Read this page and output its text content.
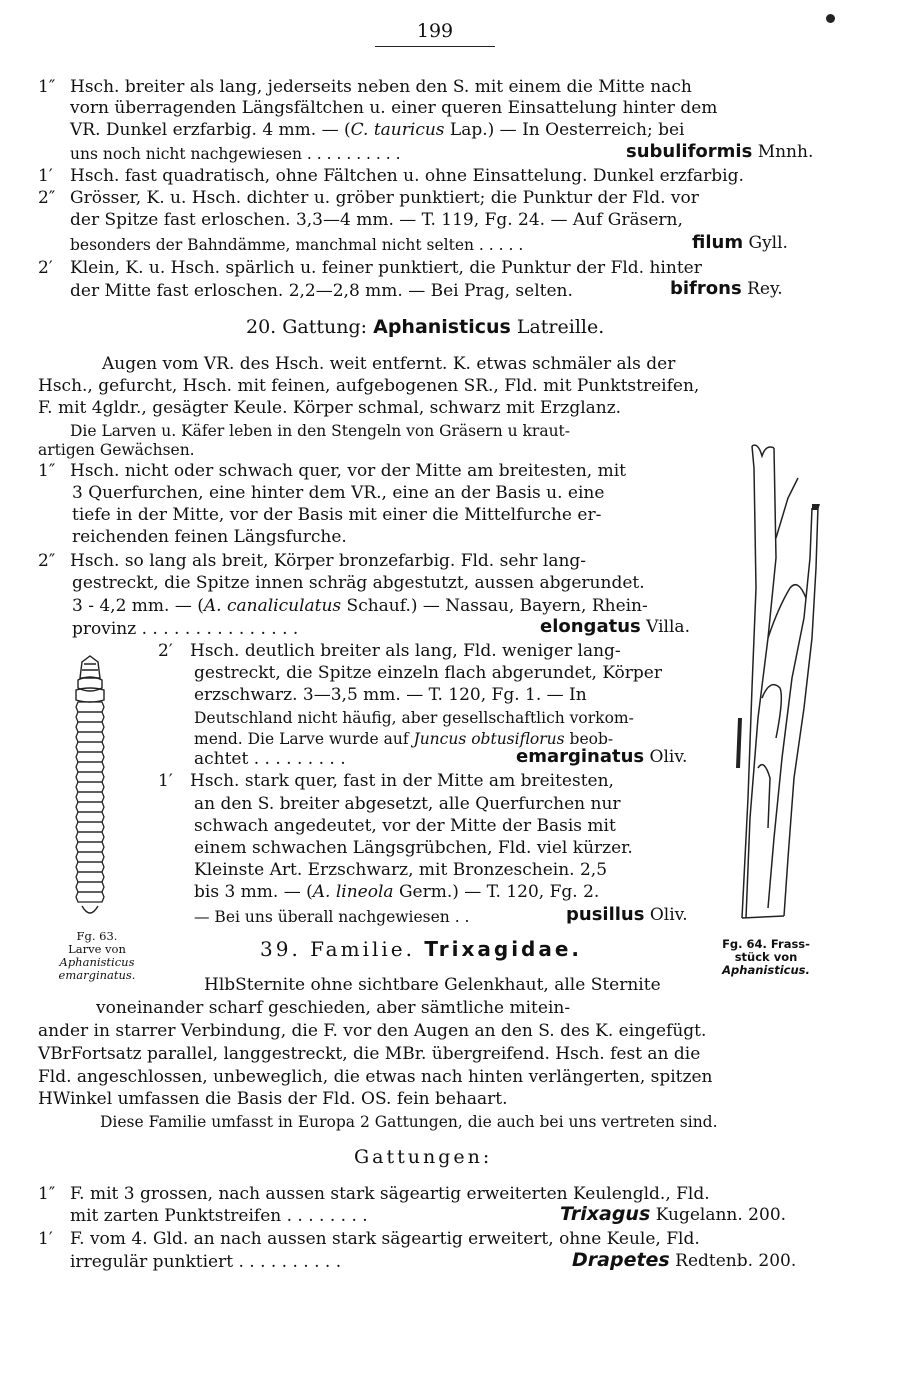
199
1″ Hsch. breiter als lang, jederseits neben den S. mit einem die Mitte nach
vorn überragenden Längsfältchen u. einer queren Einsattelung hinter dem
VR. Dunkel erzfarbig. 4 mm. — (C. tauricus Lap.) — In Oesterreich; bei
uns noch nicht nachgewiesen . . . . . . . . . .	subuliformis Mnnh.
1′ Hsch. fast quadratisch, ohne Fältchen u. ohne Einsattelung. Dunkel erzfarbig.
2″ Grösser, K. u. Hsch. dichter u. gröber punktiert; die Punktur der Fld. vor
der Spitze fast erloschen. 3,3—4 mm. — T. 119, Fg. 24. — Auf Gräsern,
besonders der Bahndämme, manchmal nicht selten . . . . .	filum Gyll.
2′ Klein, K. u. Hsch. spärlich u. feiner punktiert, die Punktur der Fld. hinter
der Mitte fast erloschen. 2,2—2,8 mm. — Bei Prag, selten.	bifrons Rey.
20. Gattung: Aphanisticus Latreille.
Augen vom VR. des Hsch. weit entfernt. K. etwas schmäler als der
Hsch., gefurcht, Hsch. mit feinen, aufgebogenen SR., Fld. mit Punktstreifen,
F. mit 4gldr., gesägter Keule. Körper schmal, schwarz mit Erzglanz.
Die Larven u. Käfer leben in den Stengeln von Gräsern u kraut-
artigen Gewächsen.
1″ Hsch. nicht oder schwach quer, vor der Mitte am breitesten, mit
3 Querfurchen, eine hinter dem VR., eine an der Basis u. eine
tiefe in der Mitte, vor der Basis mit einer die Mittelfurche er-
reichenden feinen Längsfurche.
2″ Hsch. so lang als breit, Körper bronzefarbig. Fld. sehr lang-
gestreckt, die Spitze innen schräg abgestutzt, aussen abgerundet.
3 - 4,2 mm. — (A. canaliculatus Schauf.) — Nassau, Bayern, Rhein-
provinz . . . . . . . . . . . . . . .	elongatus Villa.
2′ Hsch. deutlich breiter als lang, Fld. weniger lang-
gestreckt, die Spitze einzeln flach abgerundet, Körper
erzschwarz. 3—3,5 mm. — T. 120, Fg. 1. — In
Deutschland nicht häufig, aber gesellschaftlich vorkom-
mend. Die Larve wurde auf Juncus obtusiflorus beob-
achtet . . . . . . . . .	emarginatus Oliv.
1′ Hsch. stark quer, fast in der Mitte am breitesten,
an den S. breiter abgesetzt, alle Querfurchen nur
schwach angedeutet, vor der Mitte der Basis mit
einem schwachen Längsgrübchen, Fld. viel kürzer.
Kleinste Art. Erzschwarz, mit Bronzeschein. 2,5
bis 3 mm. — (A. lineola Germ.) — T. 120, Fg. 2.
— Bei uns überall nachgewiesen . .	pusillus Oliv.
Fg. 63.
Larve von
Aphanisticus
emarginatus.
Fg. 64. Frass-
stück von
Aphanisticus.
39. Familie. Trixagidae.
HlbSternite ohne sichtbare Gelenkhaut, alle Sternite
voneinander scharf geschieden, aber sämtliche mitein-
ander in starrer Verbindung, die F. vor den Augen an den S. des K. eingefügt.
VBrFortsatz parallel, langgestreckt, die MBr. übergreifend. Hsch. fest an die
Fld. angeschlossen, unbeweglich, die etwas nach hinten verlängerten, spitzen
HWinkel umfassen die Basis der Fld. OS. fein behaart.
Diese Familie umfasst in Europa 2 Gattungen, die auch bei uns vertreten sind.
Gattungen:
1″ F. mit 3 grossen, nach aussen stark sägeartig erweiterten Keulengld., Fld.
mit zarten Punktstreifen . . . . . . . .	Trixagus Kugelann. 200.
1′ F. vom 4. Gld. an nach aussen stark sägeartig erweitert, ohne Keule, Fld.
irregulär punktiert . . . . . . . . . .	Drapetes Redtenb. 200.
